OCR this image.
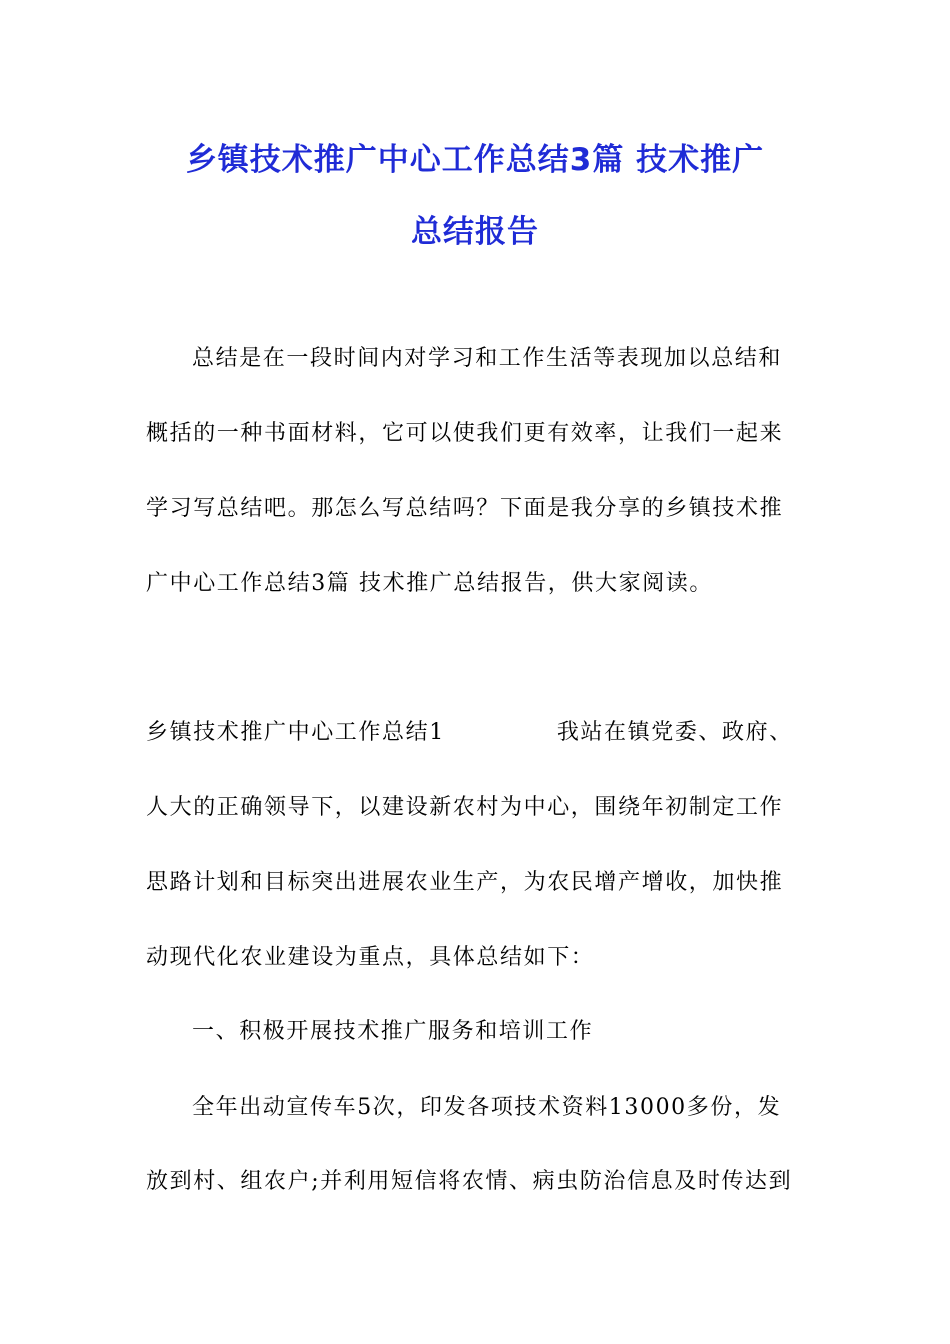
乡镇技术推广中心工作总结3篇 技术推广
总结报告
总结是在一段时间内对学习和工作生活等表现加以总结和
概括的一种书面材料，它可以使我们更有效率，让我们一起来
学习写总结吧。那怎么写总结吗？下面是我分享的乡镇技术推
广中心工作总结3篇 技术推广总结报告，供大家阅读。
乡镇技术推广中心工作总结1	我站在镇党委、政府、
人大的正确领导下，以建设新农村为中心，围绕年初制定工作
思路计划和目标突出进展农业生产，为农民增产增收，加快推
动现代化农业建设为重点，具体总结如下：
一、积极开展技术推广服务和培训工作
全年出动宣传车5次，印发各项技术资料13000多份，发
放到村、组农户;并利用短信将农情、病虫防治信息及时传达到
